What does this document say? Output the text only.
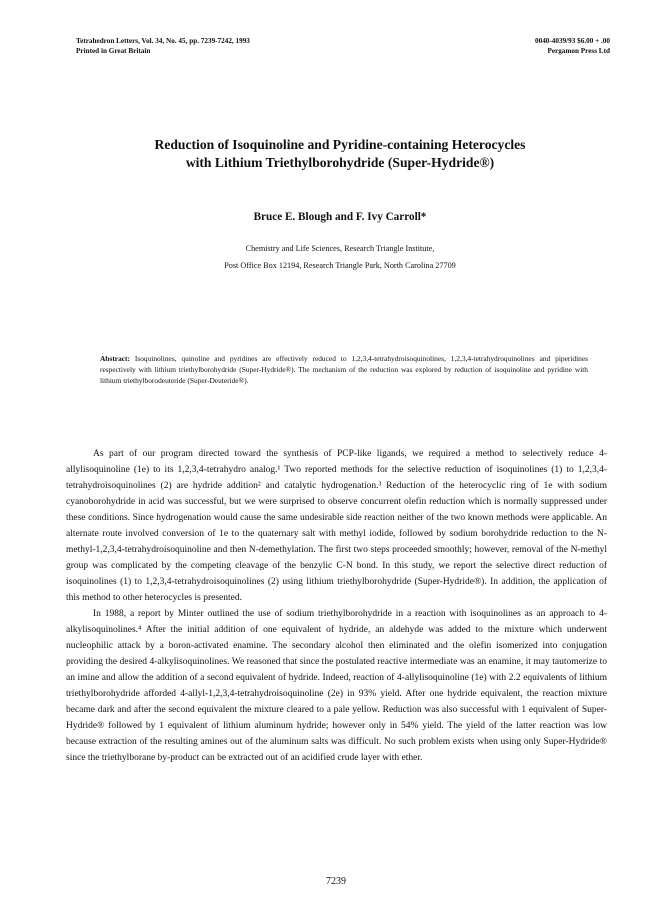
Tetrahedron Letters, Vol. 34, No. 45, pp. 7239-7242, 1993
Printed in Great Britain
0040-4039/93 $6.00 + .00
Pergamon Press Ltd
Reduction of Isoquinoline and Pyridine-containing Heterocycles
with Lithium Triethylborohydride (Super-Hydride®)
Bruce E. Blough and F. Ivy Carroll*
Chemistry and Life Sciences, Research Triangle Institute,
Post Office Box 12194, Research Triangle Park, North Carolina 27709
Abstract: Isoquinolines, quinoline and pyridines are effectively reduced to 1,2,3,4-tetrahydroisoquinolines, 1,2,3,4-tetrahydroquinolines and piperidines respectively with lithium triethylborohydride (Super-Hydride®). The mechanism of the reduction was explored by reduction of isoquinoline and pyridine with lithium triethylborodeuteride (Super-Deuteride®).

As part of our program directed toward the synthesis of PCP-like ligands, we required a method to selectively reduce 4-allylisoquinoline (1e) to its 1,2,3,4-tetrahydro analog.¹ Two reported methods for the selective reduction of isoquinolines (1) to 1,2,3,4-tetrahydroisoquinolines (2) are hydride addition² and catalytic hydrogenation.³ Reduction of the heterocyclic ring of 1e with sodium cyanoborohydride in acid was successful, but we were surprised to observe concurrent olefin reduction which is normally suppressed under these conditions. Since hydrogenation would cause the same undesirable side reaction neither of the two known methods were applicable. An alternate route involved conversion of 1e to the quaternary salt with methyl iodide, followed by sodium borohydride reduction to the N-methyl-1,2,3,4-tetrahydroisoquinoline and then N-demethylation. The first two steps proceeded smoothly; however, removal of the N-methyl group was complicated by the competing cleavage of the benzylic C-N bond. In this study, we report the selective direct reduction of isoquinolines (1) to 1,2,3,4-tetrahydroisoquinolines (2) using lithium triethylborohydride (Super-Hydride®). In addition, the application of this method to other heterocycles is presented.

In 1988, a report by Minter outlined the use of sodium triethylborohydride in a reaction with isoquinolines as an approach to 4-alkylisoquinolines.⁴ After the initial addition of one equivalent of hydride, an aldehyde was added to the mixture which underwent nucleophilic attack by a boron-activated enamine. The secondary alcohol then eliminated and the olefin isomerized into conjugation providing the desired 4-alkylisoquinolines. We reasoned that since the postulated reactive intermediate was an enamine, it may tautomerize to an imine and allow the addition of a second equivalent of hydride. Indeed, reaction of 4-allylisoquinoline (1e) with 2.2 equivalents of lithium triethylborohydride afforded 4-allyl-1,2,3,4-tetrahydroisoquinoline (2e) in 93% yield. After one hydride equivalent, the reaction mixture became dark and after the second equivalent the mixture cleared to a pale yellow. Reduction was also successful with 1 equivalent of Super-Hydride® followed by 1 equivalent of lithium aluminum hydride; however only in 54% yield. The yield of the latter reaction was low because extraction of the resulting amines out of the aluminum salts was difficult. No such problem exists when using only Super-Hydride® since the triethylborane by-product can be extracted out of an acidified crude layer with ether.

7239
